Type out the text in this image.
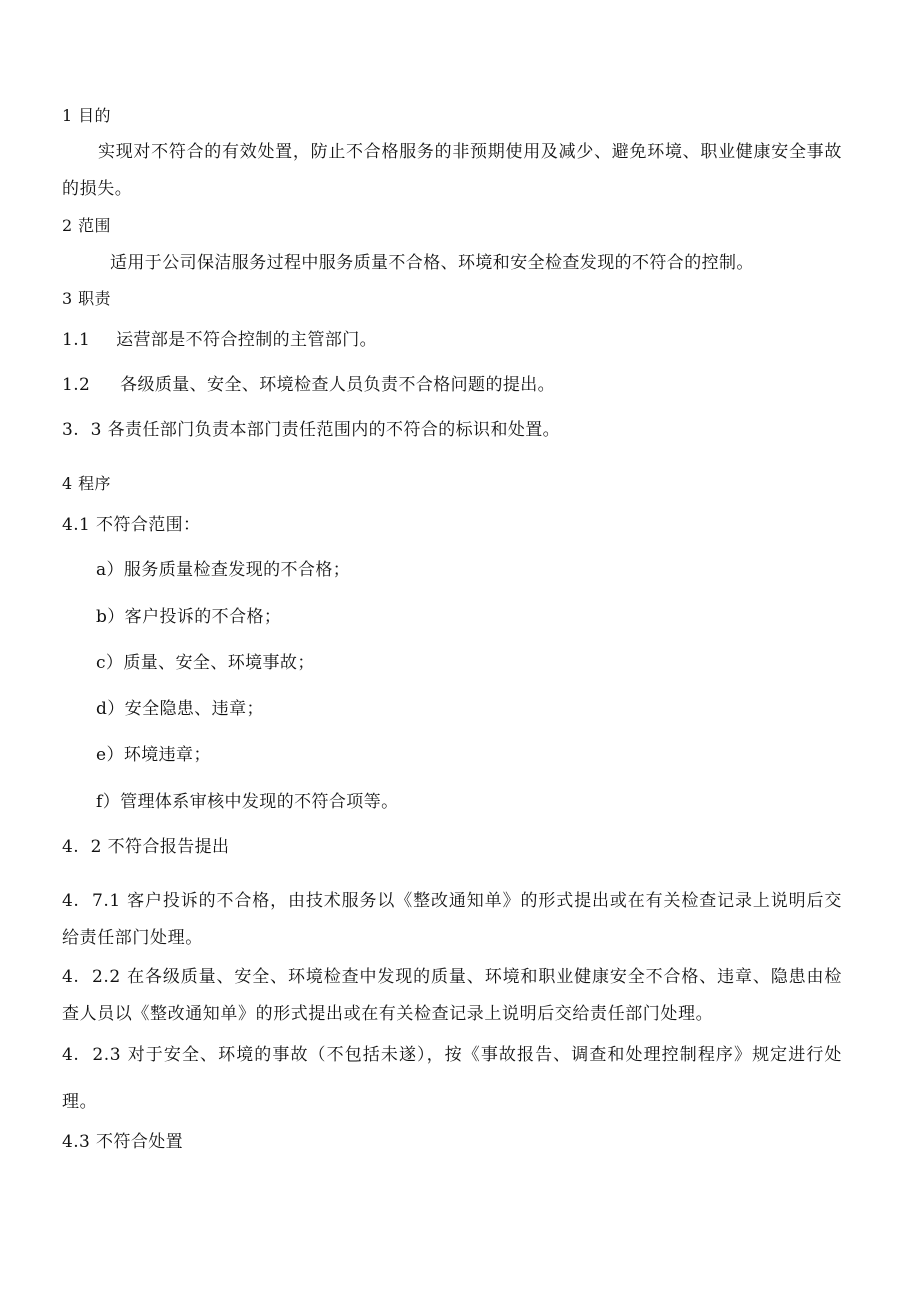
1 目的
实现对不符合的有效处置，防止不合格服务的非预期使用及减少、避免环境、职业健康安全事故的损失。
2 范围
适用于公司保洁服务过程中服务质量不合格、环境和安全检查发现的不符合的控制。
3 职责
1.1 运营部是不符合控制的主管部门。
1.2 各级质量、安全、环境检查人员负责不合格问题的提出。
3.  3 各责任部门负责本部门责任范围内的不符合的标识和处置。
4 程序
4.1 不符合范围：
a）服务质量检查发现的不合格；
b）客户投诉的不合格；
c）质量、安全、环境事故；
d）安全隐患、违章；
e）环境违章；
f）管理体系审核中发现的不符合项等。
4.  2 不符合报告提出
4.  7.1 客户投诉的不合格，由技术服务以《整改通知单》的形式提出或在有关检查记录上说明后交给责任部门处理。
4.  2.2 在各级质量、安全、环境检查中发现的质量、环境和职业健康安全不合格、违章、隐患由检查人员以《整改通知单》的形式提出或在有关检查记录上说明后交给责任部门处理。
4.  2.3 对于安全、环境的事故（不包括未遂），按《事故报告、调查和处理控制程序》规定进行处理。
4.3 不符合处置
